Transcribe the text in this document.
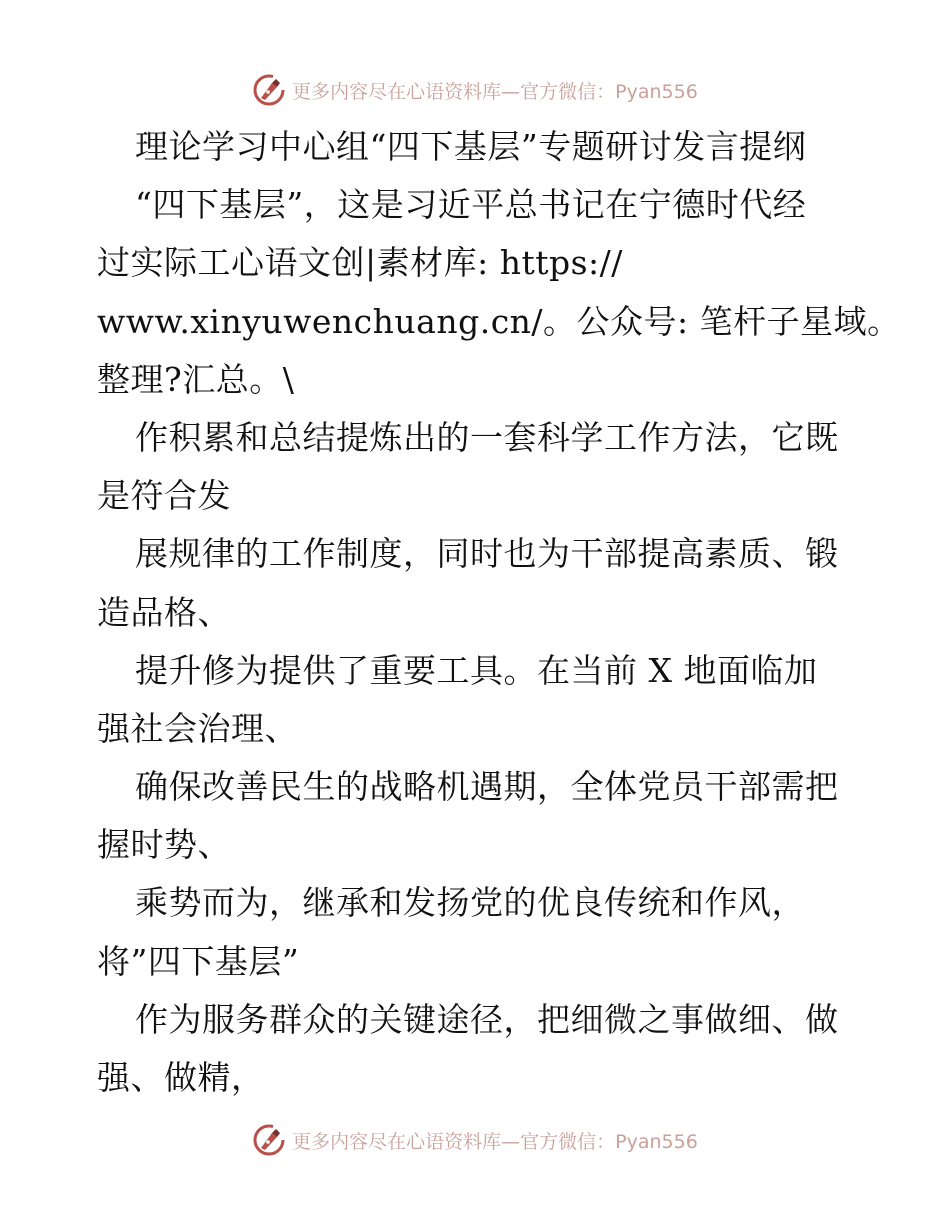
更多内容尽在心语资料库—官方微信：Pyan556
理论学习中心组“四下基层”专题研讨发言提纲
“四下基层”，这是习近平总书记在宁德时代经
过实际工心语文创|素材库: https://
www.xinyuwenchuang.cn/。公众号: 笔杆子星域。
整理?汇总。\
作积累和总结提炼出的一套科学工作方法，它既
是符合发
展规律的工作制度，同时也为干部提高素质、锻
造品格、
提升修为提供了重要工具。在当前 X 地面临加
强社会治理、
确保改善民生的战略机遇期，全体党员干部需把
握时势、
乘势而为，继承和发扬党的优良传统和作风，
将”四下基层”
作为服务群众的关键途径，把细微之事做细、做
强、做精，
更多内容尽在心语资料库—官方微信：Pyan556
